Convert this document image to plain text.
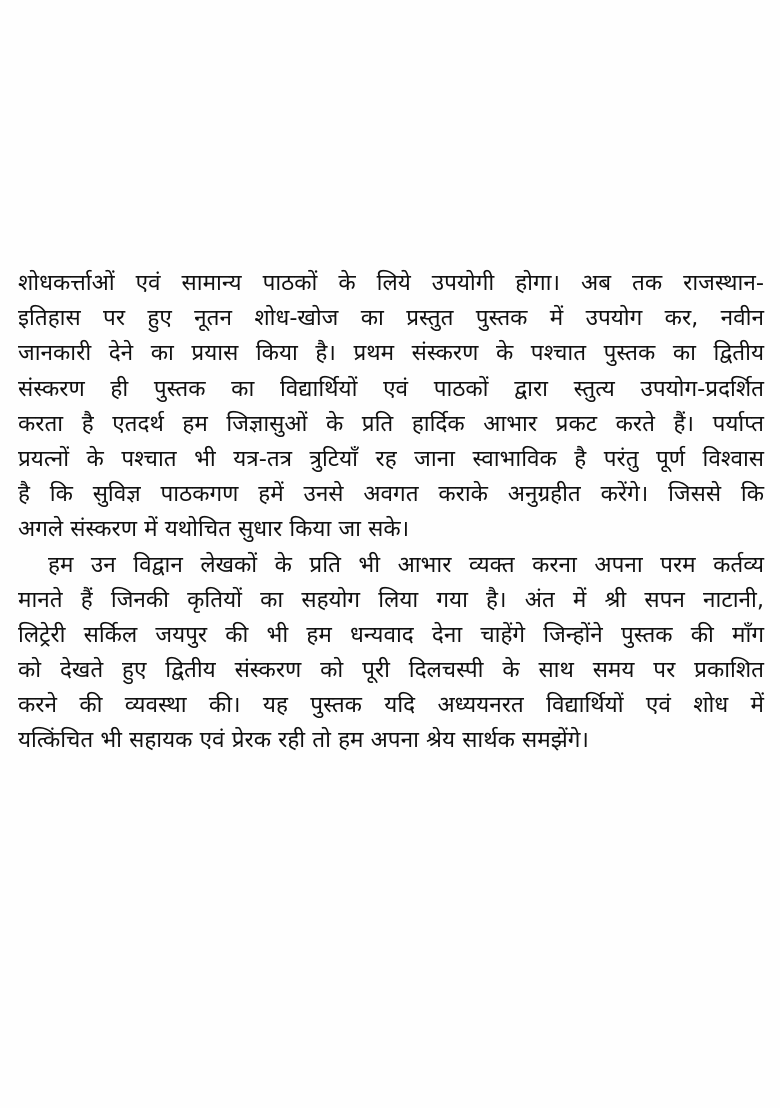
शोधकर्त्ताओं एवं सामान्य पाठकों के लिये उपयोगी होगा। अब तक राजस्थान-
इतिहास पर हुए नूतन शोध-खोज का प्रस्तुत पुस्तक में उपयोग कर, नवीन
जानकारी देने का प्रयास किया है। प्रथम संस्करण के पश्चात पुस्तक का द्वितीय
संस्करण ही पुस्तक का विद्यार्थियों एवं पाठकों द्वारा स्तुत्य उपयोग-प्रदर्शित
करता है एतदर्थ हम जिज्ञासुओं के प्रति हार्दिक आभार प्रकट करते हैं। पर्याप्त
प्रयत्नों के पश्चात भी यत्र-तत्र त्रुटियाँ रह जाना स्वाभाविक है परंतु पूर्ण विश्वास
है कि सुविज्ञ पाठकगण हमें उनसे अवगत कराके अनुग्रहीत करेंगे। जिससे कि
अगले संस्करण में यथोचित सुधार किया जा सके।
हम उन विद्वान लेखकों के प्रति भी आभार व्यक्त करना अपना परम कर्तव्य
मानते हैं जिनकी कृतियों का सहयोग लिया गया है। अंत में श्री सपन नाटानी,
लिट्रेरी सर्किल जयपुर की भी हम धन्यवाद देना चाहेंगे जिन्होंने पुस्तक की माँग
को देखते हुए द्वितीय संस्करण को पूरी दिलचस्पी के साथ समय पर प्रकाशित
करने की व्यवस्था की। यह पुस्तक यदि अध्ययनरत विद्यार्थियों एवं शोध में
यत्किंचित भी सहायक एवं प्रेरक रही तो हम अपना श्रेय सार्थक समझेंगे।
